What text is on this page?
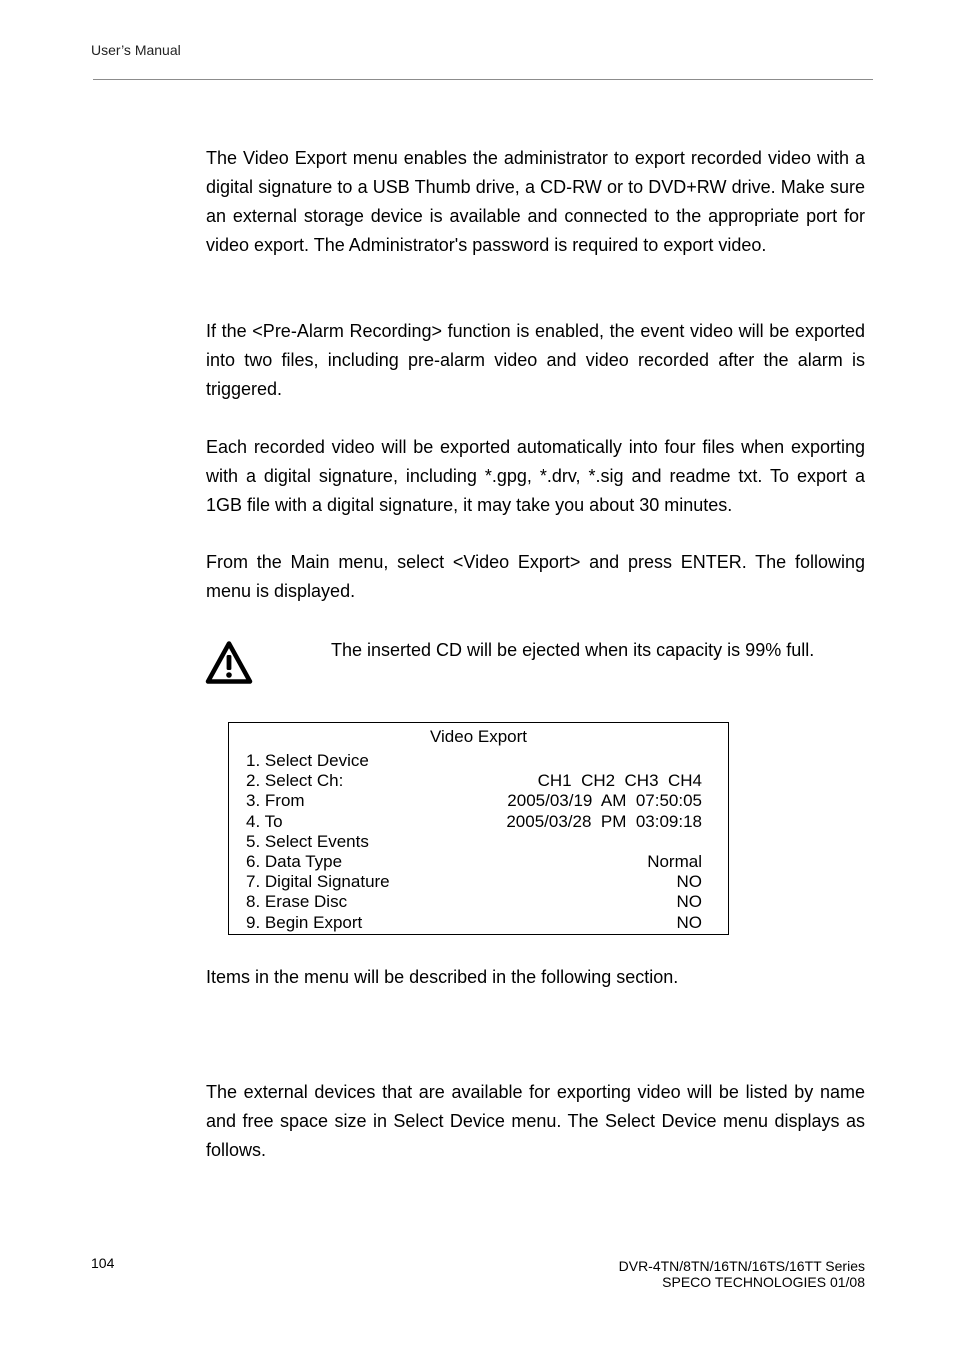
User’s Manual

The Video Export menu enables the administrator to export recorded video with a digital signature to a USB Thumb drive, a CD-RW or to DVD+RW drive. Make sure an external storage device is available and connected to the appropriate port for video export. The Administrator's password is required to export video.

If the <Pre-Alarm Recording> function is enabled, the event video will be exported into two files, including pre-alarm video and video recorded after the alarm is triggered.

Each recorded video will be exported automatically into four files when exporting with a digital signature, including *.gpg, *.drv, *.sig and readme txt. To export a 1GB file with a digital signature, it may take you about 30 minutes.

From the Main menu, select <Video Export> and press ENTER. The following menu is displayed.

The inserted CD will be ejected when its capacity is 99% full.

Video Export
1. Select Device
2. Select Ch:	CH1  CH2  CH3  CH4
3. From	2005/03/19  AM  07:50:05
4. To	2005/03/28  PM  03:09:18
5. Select Events
6. Data Type	Normal
7. Digital Signature	NO
8. Erase Disc	NO
9. Begin Export	NO

Items in the menu will be described in the following section.

The external devices that are available for exporting video will be listed by name and free space size in Select Device menu. The Select Device menu displays as follows.

104	DVR-4TN/8TN/16TN/16TS/16TT Series
SPECO TECHNOLOGIES 01/08
